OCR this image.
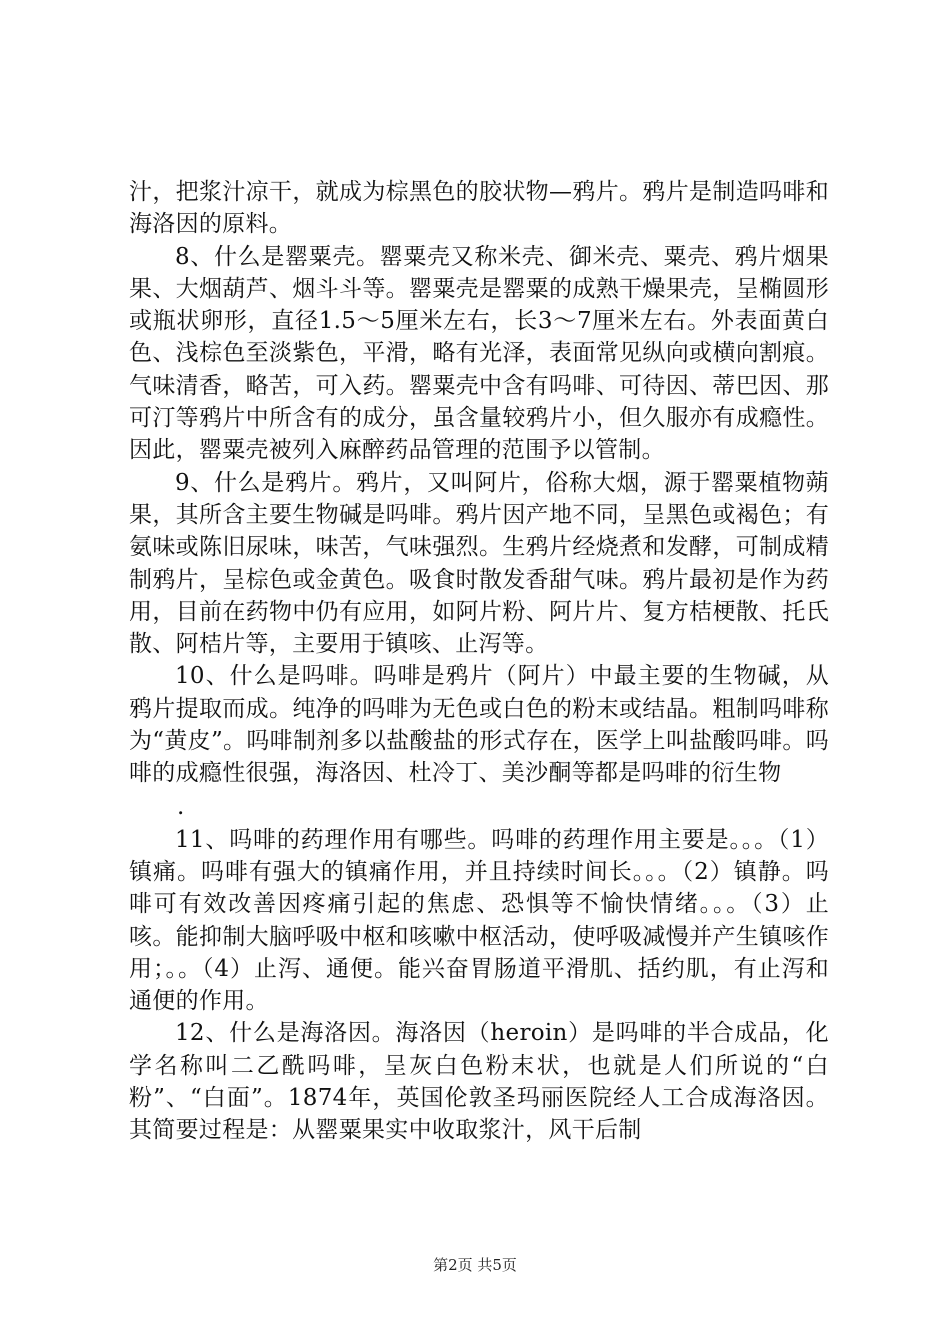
汁，把浆汁凉干，就成为棕黑色的胶状物—鸦片。鸦片是制造吗啡和海洛因的原料。

8、什么是罂粟壳。罂粟壳又称米壳、御米壳、粟壳、鸦片烟果果、大烟葫芦、烟斗斗等。罂粟壳是罂粟的成熟干燥果壳，呈椭圆形或瓶状卵形，直径1.5～5厘米左右，长3～7厘米左右。外表面黄白色、浅棕色至淡紫色，平滑，略有光泽，表面常见纵向或横向割痕。气味清香，略苦，可入药。罂粟壳中含有吗啡、可待因、蒂巴因、那可汀等鸦片中所含有的成分，虽含量较鸦片小，但久服亦有成瘾性。因此，罂粟壳被列入麻醉药品管理的范围予以管制。

9、什么是鸦片。鸦片，又叫阿片，俗称大烟，源于罂粟植物蒴果，其所含主要生物碱是吗啡。鸦片因产地不同，呈黑色或褐色；有氨味或陈旧尿味，味苦，气味强烈。生鸦片经烧煮和发酵，可制成精制鸦片，呈棕色或金黄色。吸食时散发香甜气味。鸦片最初是作为药用，目前在药物中仍有应用，如阿片粉、阿片片、复方桔梗散、托氏散、阿桔片等，主要用于镇咳、止泻等。

10、什么是吗啡。吗啡是鸦片（阿片）中最主要的生物碱，从鸦片提取而成。纯净的吗啡为无色或白色的粉末或结晶。粗制吗啡称为“黄皮”。吗啡制剂多以盐酸盐的形式存在，医学上叫盐酸吗啡。吗啡的成瘾性很强，海洛因、杜冷丁、美沙酮等都是吗啡的衍生物

.

11、吗啡的药理作用有哪些。吗啡的药理作用主要是。。。（1）镇痛。吗啡有强大的镇痛作用，并且持续时间长。。。（2）镇静。吗啡可有效改善因疼痛引起的焦虑、恐惧等不愉快情绪。。。（3）止咳。能抑制大脑呼吸中枢和咳嗽中枢活动，使呼吸减慢并产生镇咳作用；。。（4）止泻、通便。能兴奋胃肠道平滑肌、括约肌，有止泻和通便的作用。

12、什么是海洛因。海洛因（heroin）是吗啡的半合成品，化学名称叫二乙酰吗啡，呈灰白色粉末状，也就是人们所说的“白粉”、“白面”。1874年，英国伦敦圣玛丽医院经人工合成海洛因。其简要过程是：从罂粟果实中收取浆汁，风干后制

第2页 共5页
